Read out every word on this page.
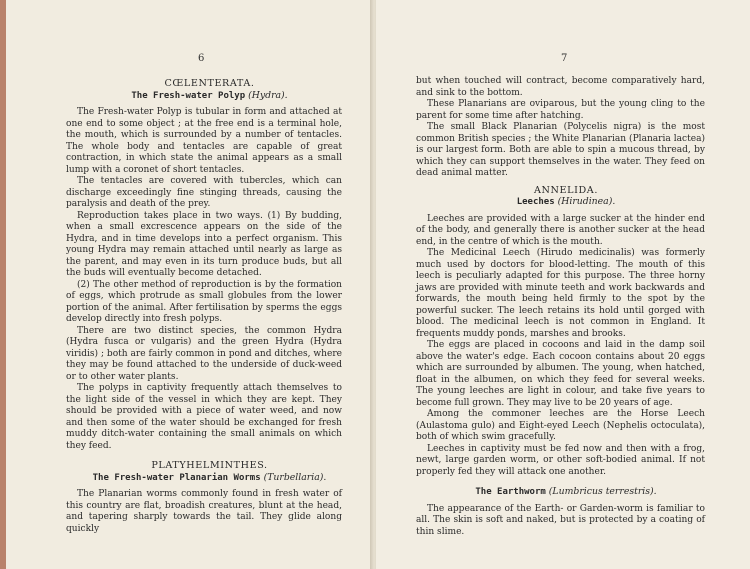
6

CŒLENTERATA.

The Fresh-water Polyp (Hydra).

The Fresh-water Polyp is tubular in form and attached at one end to some object ; at the free end is a terminal hole, the mouth, which is surrounded by a number of tentacles. The whole body and tentacles are capable of great contraction, in which state the animal appears as a small lump with a coronet of short tentacles.

The tentacles are covered with tubercles, which can discharge exceedingly fine stinging threads, causing the paralysis and death of the prey.

Reproduction takes place in two ways. (1) By budding, when a small excrescence appears on the side of the Hydra, and in time develops into a perfect organism. This young Hydra may remain attached until nearly as large as the parent, and may even in its turn produce buds, but all the buds will eventually become detached.

(2) The other method of reproduction is by the formation of eggs, which protrude as small globules from the lower portion of the animal. After fertilisation by sperms the eggs develop directly into fresh polyps.

There are two distinct species, the common Hydra (Hydra fusca or vulgaris) and the green Hydra (Hydra viridis) ; both are fairly common in pond and ditches, where they may be found attached to the underside of duck-weed or to other water plants.

The polyps in captivity frequently attach themselves to the light side of the vessel in which they are kept. They should be provided with a piece of water weed, and now and then some of the water should be exchanged for fresh muddy ditch-water containing the small animals on which they feed.

PLATYHELMINTHES.

The Fresh-water Planarian Worms (Turbellaria).

The Planarian worms commonly found in fresh water of this country are flat, broadish creatures, blunt at the head, and tapering sharply towards the tail. They glide along quickly

7

but when touched will contract, become comparatively hard, and sink to the bottom.

These Planarians are oviparous, but the young cling to the parent for some time after hatching.

The small Black Planarian (Polycelis nigra) is the most common British species ; the White Planarian (Planaria lactea) is our largest form. Both are able to spin a mucous thread, by which they can support themselves in the water. They feed on dead animal matter.

ANNELIDA.

Leeches (Hirudinea).

Leeches are provided with a large sucker at the hinder end of the body, and generally there is another sucker at the head end, in the centre of which is the mouth.

The Medicinal Leech (Hirudo medicinalis) was formerly much used by doctors for blood-letting. The mouth of this leech is peculiarly adapted for this purpose. The three horny jaws are provided with minute teeth and work backwards and forwards, the mouth being held firmly to the spot by the powerful sucker. The leech retains its hold until gorged with blood. The medicinal leech is not common in England. It frequents muddy ponds, marshes and brooks.

The eggs are placed in cocoons and laid in the damp soil above the water's edge. Each cocoon contains about 20 eggs which are surrounded by albumen. The young, when hatched, float in the albumen, on which they feed for several weeks. The young leeches are light in colour, and take five years to become full grown. They may live to be 20 years of age.

Among the commoner leeches are the Horse Leech (Aulastoma gulo) and Eight-eyed Leech (Nephelis octoculata), both of which swim gracefully.

Leeches in captivity must be fed now and then with a frog, newt, large garden worm, or other soft-bodied animal. If not properly fed they will attack one another.

The Earthworm (Lumbricus terrestris).

The appearance of the Earth- or Garden-worm is familiar to all. The skin is soft and naked, but is protected by a coating of thin slime.
